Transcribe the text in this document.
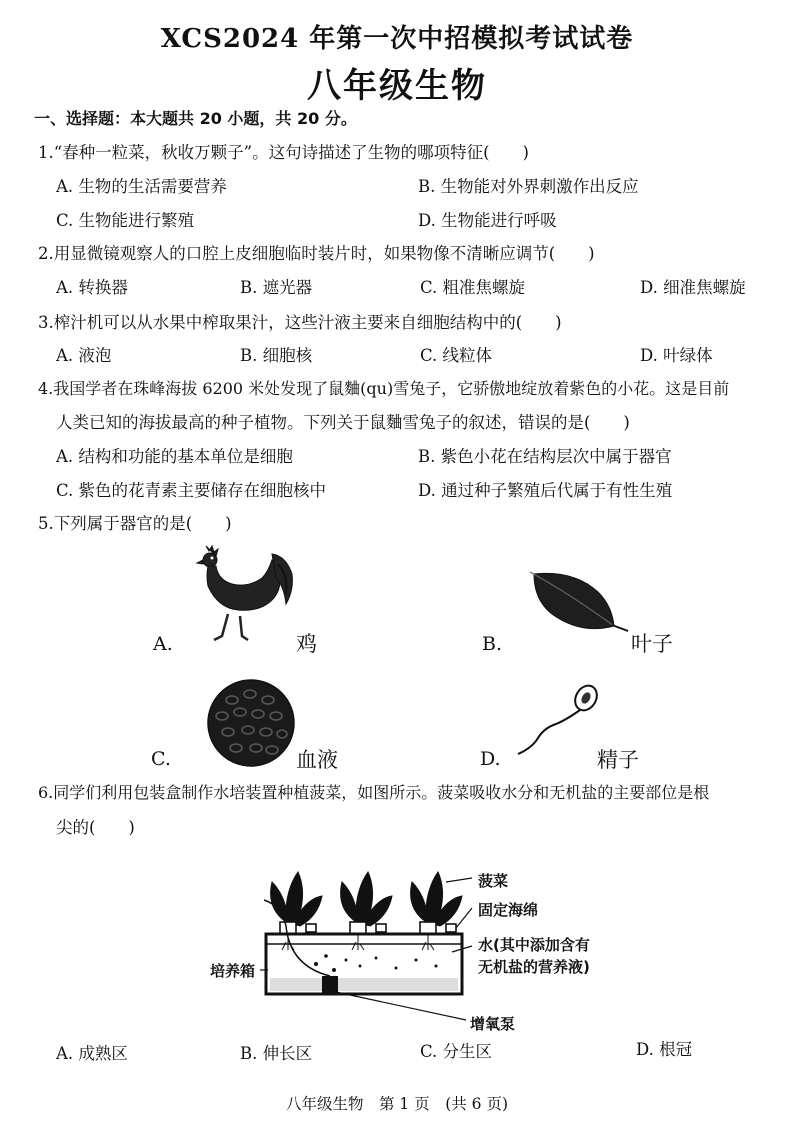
XCS2024 年第一次中招模拟考试试卷
八年级生物
一、选择题：本大题共 20 小题，共 20 分。
1.“春种一粒菜，秋收万颗子”。这句诗描述了生物的哪项特征(　　)
A. 生物的生活需要营养	B. 生物能对外界刺激作出反应
C. 生物能进行繁殖	D. 生物能进行呼吸
2.用显微镜观察人的口腔上皮细胞临时装片时，如果物像不清晰应调节(　　)
A. 转换器	B. 遮光器	C. 粗准焦螺旋	D. 细准焦螺旋
3.榨汁机可以从水果中榨取果汁，这些汁液主要来自细胞结构中的(　　)
A. 液泡	B. 细胞核	C. 线粒体	D. 叶绿体
4.我国学者在珠峰海拔 6200 米处发现了鼠麯(qu)雪兔子，它骄傲地绽放着紫色的小花。这是目前
人类已知的海拔最高的种子植物。下列关于鼠麯雪兔子的叙述，错误的是(　　)
A. 结构和功能的基本单位是细胞	B. 紫色小花在结构层次中属于器官
C. 紫色的花青素主要储存在细胞核中	D. 通过种子繁殖后代属于有性生殖
5.下列属于器官的是(　　)
A.	鸡	B.	叶子
C.	血液	D.	精子
6.同学们利用包装盒制作水培装置种植菠菜，如图所示。菠菜吸收水分和无机盐的主要部位是根
尖的(　　)
菠菜
固定海绵
水(其中添加含有
无机盐的营养液)
培养箱
增氧泵
A. 成熟区	B. 伸长区	C. 分生区	D. 根冠
八年级生物　第 1 页　(共 6 页)
